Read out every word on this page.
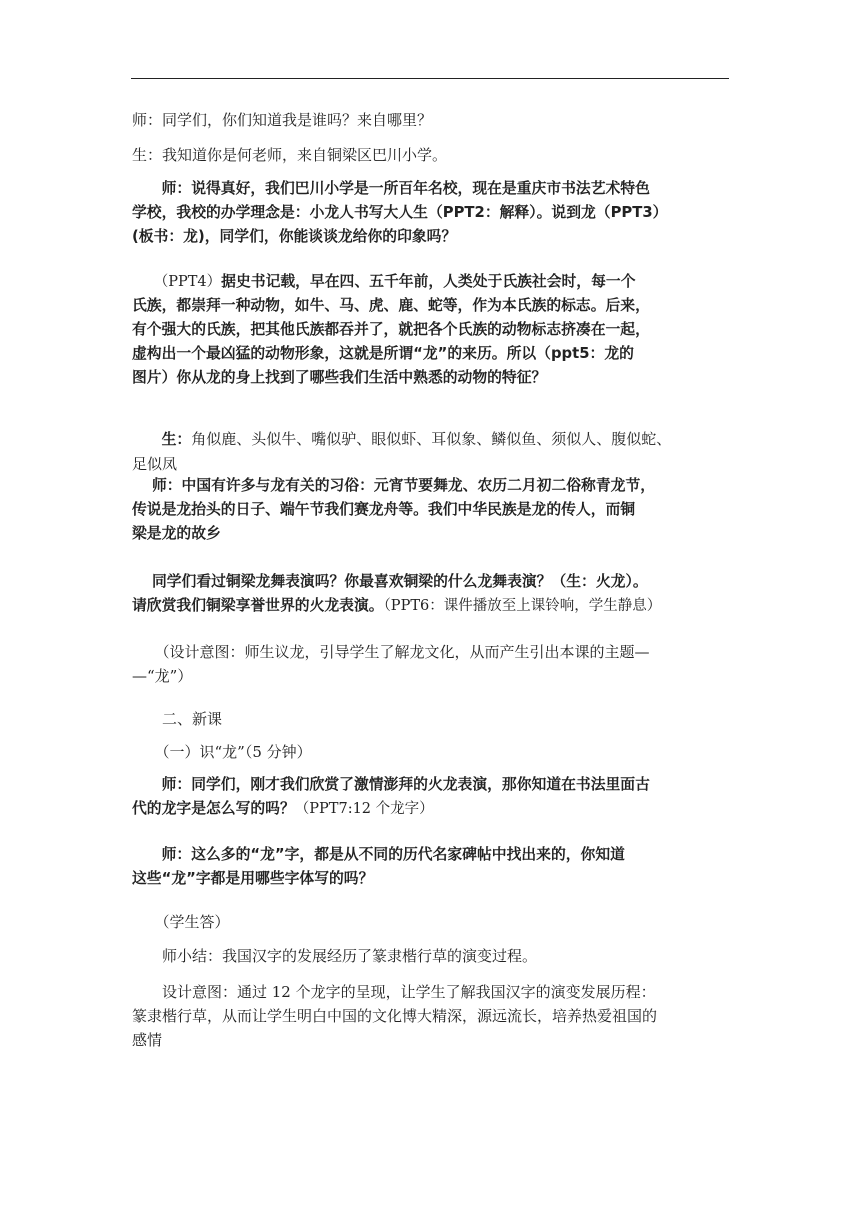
师：同学们，你们知道我是谁吗？来自哪里？

生：我知道你是何老师，来自铜梁区巴川小学。

　　师：说得真好，我们巴川小学是一所百年名校，现在是重庆市书法艺术特色
学校，我校的办学理念是：小龙人书写大人生（PPT2：解释）。说到龙（PPT3）
(板书：龙)，同学们，你能谈谈龙给你的印象吗？

　　（PPT4）据史书记载，早在四、五千年前，人类处于氏族社会时，每一个
氏族，都崇拜一种动物，如牛、马、虎、鹿、蛇等，作为本氏族的标志。后来，
有个强大的氏族，把其他氏族都吞并了，就把各个氏族的动物标志挤凑在一起，
虚构出一个最凶猛的动物形象，这就是所谓“龙”的来历。所以（ppt5：龙的
图片）你从龙的身上找到了哪些我们生活中熟悉的动物的特征？

　　生：角似鹿、头似牛、嘴似驴、眼似虾、耳似象、鳞似鱼、须似人、腹似蛇、
足似凤

　 师：中国有许多与龙有关的习俗：元宵节要舞龙、农历二月初二俗称青龙节，
传说是龙抬头的日子、端午节我们赛龙舟等。我们中华民族是龙的传人，而铜
梁是龙的故乡

　 同学们看过铜梁龙舞表演吗？你最喜欢铜梁的什么龙舞表演？（生：火龙）。
请欣赏我们铜梁享誉世界的火龙表演。（PPT6：课件播放至上课铃响，学生静息）

　　（设计意图：师生议龙，引导学生了解龙文化，从而产生引出本课的主题—
—“龙”）

　　二、新课

　　（一）识“龙”（5 分钟）

　　师：同学们，刚才我们欣赏了激情澎拜的火龙表演，那你知道在书法里面古
代的龙字是怎么写的吗？（PPT7:12 个龙字）

　　师：这么多的“龙”字，都是从不同的历代名家碑帖中找出来的，你知道
这些“龙”字都是用哪些字体写的吗？

　　（学生答）

　　师小结：我国汉字的发展经历了篆隶楷行草的演变过程。

　　设计意图：通过 12 个龙字的呈现，让学生了解我国汉字的演变发展历程：
篆隶楷行草，从而让学生明白中国的文化博大精深，源远流长，培养热爱祖国的
感情
